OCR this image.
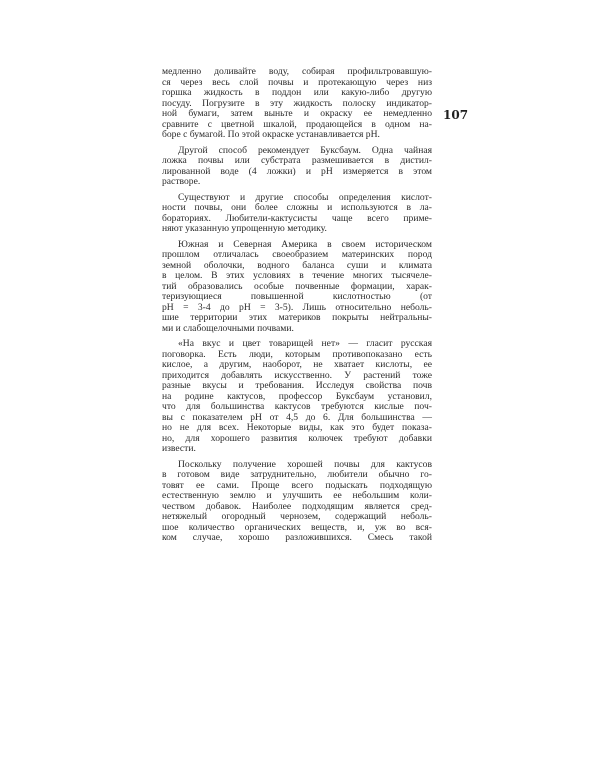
107

медленно доливайте воду, собирая профильтровавшую-
ся через весь слой почвы и протекающую через низ
горшка жидкость в поддон или какую-либо другую
посуду. Погрузите в эту жидкость полоску индикатор-
ной бумаги, затем выньте и окраску ее немедленно
сравните с цветной шкалой, продающейся в одном на-
боре с бумагой. По этой окраске устанавливается pH.

Другой способ рекомендует Буксбаум. Одна чайная
ложка почвы или субстрата размешивается в дистил-
лированной воде (4 ложки) и pH измеряется в этом
растворе.

Существуют и другие способы определения кислот-
ности почвы, они более сложны и используются в ла-
бораториях. Любители-кактусисты чаще всего приме-
няют указанную упрощенную методику.

Южная и Северная Америка в своем историческом
прошлом отличалась своеобразием материнских пород
земной оболочки, водного баланса суши и климата
в целом. В этих условиях в течение многих тысячеле-
тий образовались особые почвенные формации, харак-
теризующиеся повышенной кислотностью (от
pH = 3-4 до pH = 3-5). Лишь относительно неболь-
шие территории этих материков покрыты нейтральны-
ми и слабощелочными почвами.

«На вкус и цвет товарищей нет» — гласит русская
поговорка. Есть люди, которым противопоказано есть
кислое, а другим, наоборот, не хватает кислоты, ее
приходится добавлять искусственно. У растений тоже
разные вкусы и требования. Исследуя свойства почв
на родине кактусов, профессор Буксбаум установил,
что для большинства кактусов требуются кислые поч-
вы с показателем pH от 4,5 до 6. Для большинства —
но не для всех. Некоторые виды, как это будет показа-
но, для хорошего развития колючек требуют добавки
извести.

Поскольку получение хорошей почвы для кактусов
в готовом виде затруднительно, любители обычно го-
товят ее сами. Проще всего подыскать подходящую
естественную землю и улучшить ее небольшим коли-
чеством добавок. Наиболее подходящим является сред-
нетяжелый огородный чернозем, содержащий неболь-
шое количество органических веществ, и, уж во вся-
ком случае, хорошо разложившихся. Смесь такой
